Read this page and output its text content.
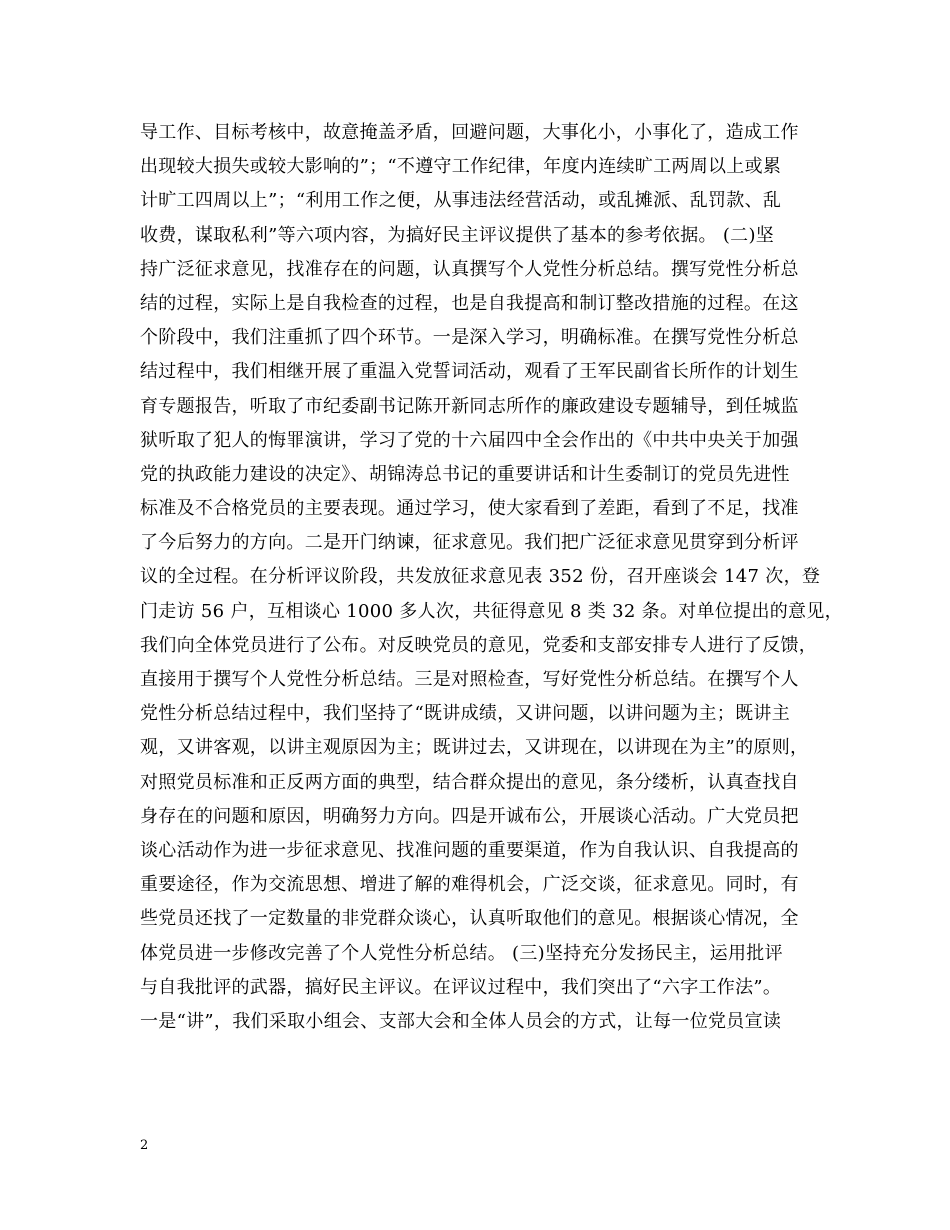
导工作、目标考核中，故意掩盖矛盾，回避问题，大事化小，小事化了，造成工作
出现较大损失或较大影响的”；“不遵守工作纪律，年度内连续旷工两周以上或累
计旷工四周以上”；“利用工作之便，从事违法经营活动，或乱摊派、乱罚款、乱
收费，谋取私利”等六项内容，为搞好民主评议提供了基本的参考依据。 (二)坚
持广泛征求意见，找准存在的问题，认真撰写个人党性分析总结。撰写党性分析总
结的过程，实际上是自我检查的过程，也是自我提高和制订整改措施的过程。在这
个阶段中，我们注重抓了四个环节。一是深入学习，明确标准。在撰写党性分析总
结过程中，我们相继开展了重温入党誓词活动，观看了王军民副省长所作的计划生
育专题报告，听取了市纪委副书记陈开新同志所作的廉政建设专题辅导，到任城监
狱听取了犯人的悔罪演讲，学习了党的十六届四中全会作出的《中共中央关于加强
党的执政能力建设的决定》、胡锦涛总书记的重要讲话和计生委制订的党员先进性
标准及不合格党员的主要表现。通过学习，使大家看到了差距，看到了不足，找准
了今后努力的方向。二是开门纳谏，征求意见。我们把广泛征求意见贯穿到分析评
议的全过程。在分析评议阶段，共发放征求意见表 352 份，召开座谈会 147 次，登
门走访 56 户，互相谈心 1000 多人次，共征得意见 8 类 32 条。对单位提出的意见，
我们向全体党员进行了公布。对反映党员的意见，党委和支部安排专人进行了反馈，
直接用于撰写个人党性分析总结。三是对照检查，写好党性分析总结。在撰写个人
党性分析总结过程中，我们坚持了“既讲成绩，又讲问题，以讲问题为主；既讲主
观，又讲客观，以讲主观原因为主；既讲过去，又讲现在，以讲现在为主”的原则，
对照党员标准和正反两方面的典型，结合群众提出的意见，条分缕析，认真查找自
身存在的问题和原因，明确努力方向。四是开诚布公，开展谈心活动。广大党员把
谈心活动作为进一步征求意见、找准问题的重要渠道，作为自我认识、自我提高的
重要途径，作为交流思想、增进了解的难得机会，广泛交谈，征求意见。同时，有
些党员还找了一定数量的非党群众谈心，认真听取他们的意见。根据谈心情况，全
体党员进一步修改完善了个人党性分析总结。 (三)坚持充分发扬民主，运用批评
与自我批评的武器，搞好民主评议。在评议过程中，我们突出了“六字工作法”。
一是“讲”，我们采取小组会、支部大会和全体人员会的方式，让每一位党员宣读
2
